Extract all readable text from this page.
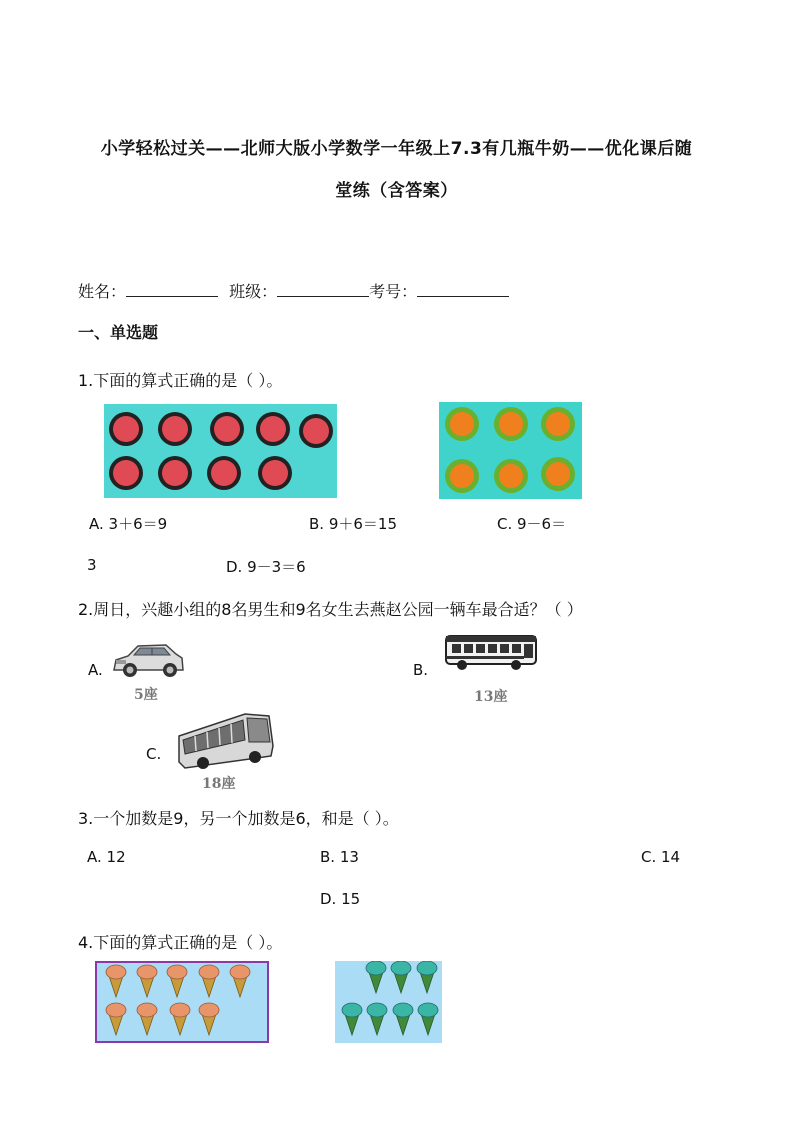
小学轻松过关——北师大版小学数学一年级上7.3有几瓶牛奶——优化课后随
堂练（含答案）
姓名：	班级：	考号：
一、单选题
1.下面的算式正确的是（ ）。
A. 3＋6＝9	B. 9＋6＝15	C. 9－6＝
3	D. 9－3＝6
2.周日，兴趣小组的8名男生和9名女生去燕赵公园一辆车最合适？（ ）
A.
5座
B.
13座
C.
18座
3.一个加数是9，另一个加数是6，和是（ ）。
A. 12	B. 13	C. 14
D. 15
4.下面的算式正确的是（ ）。
